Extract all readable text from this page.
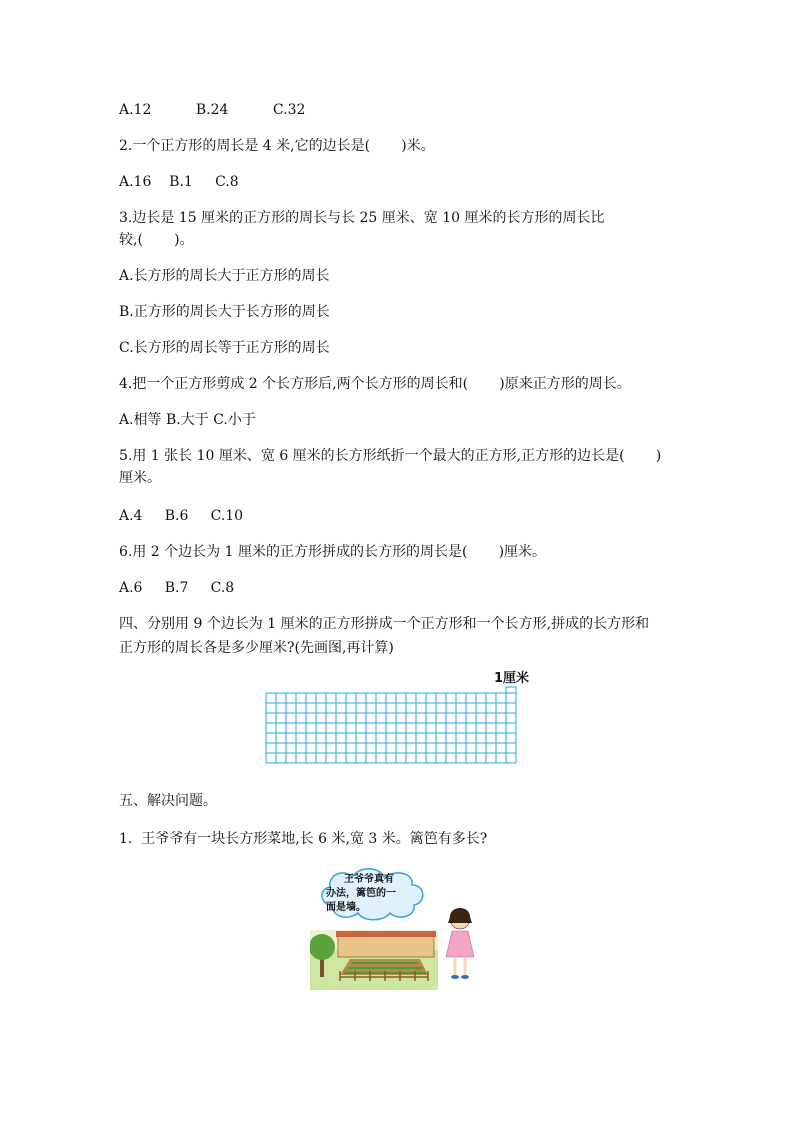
A.12          B.24          C.32
2.一个正方形的周长是 4 米,它的边长是(       )米。
A.16    B.1     C.8
3.边长是 15 厘米的正方形的周长与长 25 厘米、宽 10 厘米的长方形的周长比
较,(       )。
A.长方形的周长大于正方形的周长
B.正方形的周长大于长方形的周长
C.长方形的周长等于正方形的周长
4.把一个正方形剪成 2 个长方形后,两个长方形的周长和(       )原来正方形的周长。
A.相等 B.大于 C.小于
5.用 1 张长 10 厘米、宽 6 厘米的长方形纸折一个最大的正方形,正方形的边长是(       )
厘米。
A.4     B.6     C.10
6.用 2 个边长为 1 厘米的正方形拼成的长方形的周长是(       )厘米。
A.6     B.7     C.8
四、分别用 9 个边长为 1 厘米的正方形拼成一个正方形和一个长方形,拼成的长方形和
正方形的周长各是多少厘米?(先画图,再计算)
1厘米
五、解决问题。
1.  王爷爷有一块长方形菜地,长 6 米,宽 3 米。篱笆有多长?
王爷爷真有
办法，篱笆的一
面是墙。
